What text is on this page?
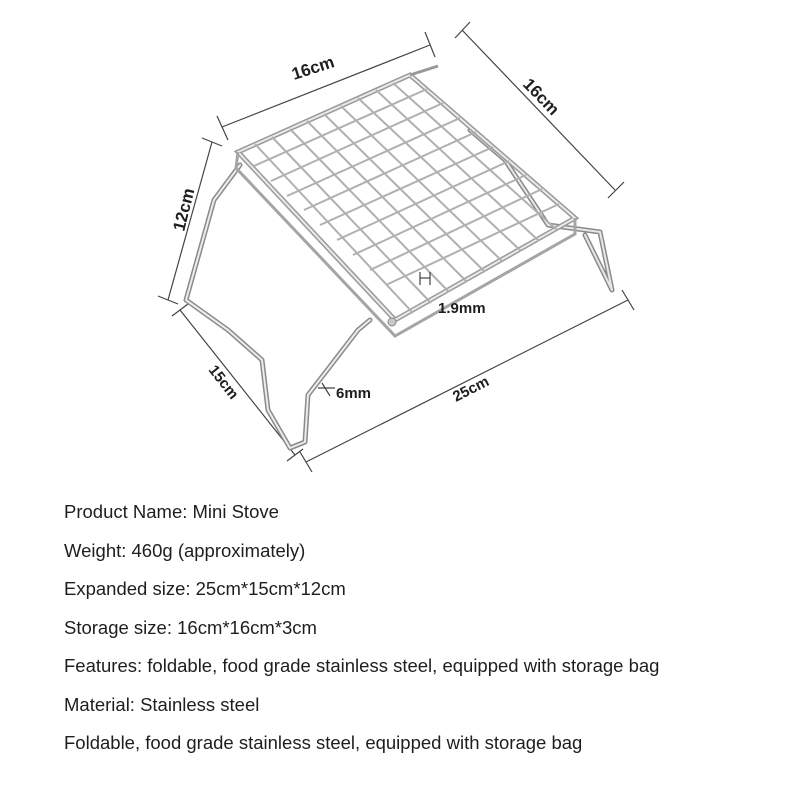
16cm
16cm
12cm
15cm	25cm
1.9mm
6mm
Product Name: Mini Stove
Weight: 460g (approximately)
Expanded size: 25cm*15cm*12cm
Storage size: 16cm*16cm*3cm
Features: foldable, food grade stainless steel, equipped with storage bag
Material: Stainless steel
Foldable, food grade stainless steel, equipped with storage bag
